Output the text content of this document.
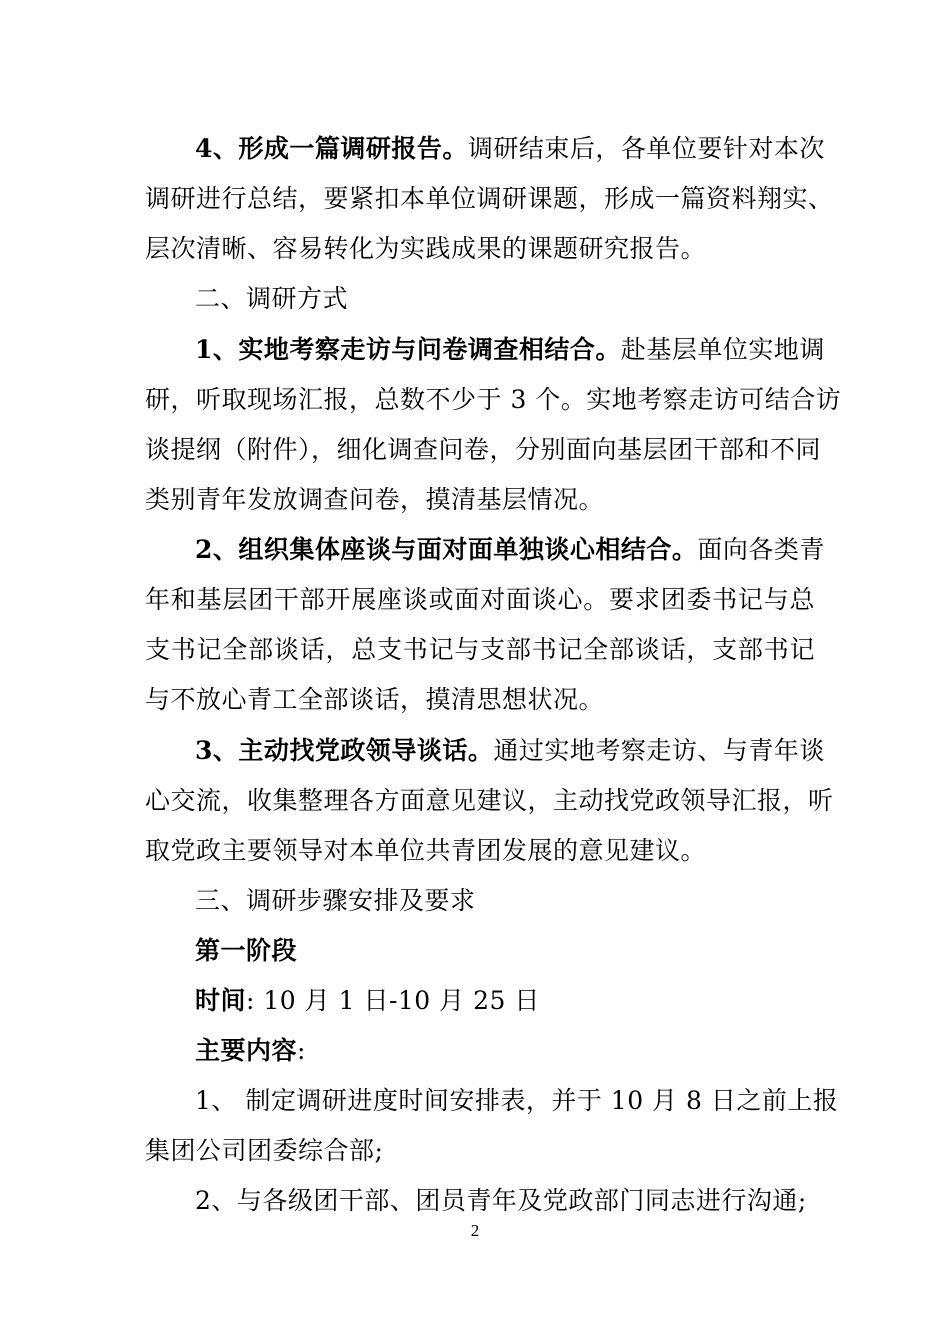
4、形成一篇调研报告。调研结束后，各单位要针对本次
调研进行总结，要紧扣本单位调研课题，形成一篇资料翔实、
层次清晰、容易转化为实践成果的课题研究报告。
二、调研方式
1、实地考察走访与问卷调查相结合。赴基层单位实地调
研，听取现场汇报，总数不少于 3 个。实地考察走访可结合访
谈提纲（附件），细化调查问卷，分别面向基层团干部和不同
类别青年发放调查问卷，摸清基层情况。
2、组织集体座谈与面对面单独谈心相结合。面向各类青
年和基层团干部开展座谈或面对面谈心。要求团委书记与总
支书记全部谈话，总支书记与支部书记全部谈话，支部书记
与不放心青工全部谈话，摸清思想状况。
3、主动找党政领导谈话。通过实地考察走访、与青年谈
心交流，收集整理各方面意见建议，主动找党政领导汇报，听
取党政主要领导对本单位共青团发展的意见建议。
三、调研步骤安排及要求
第一阶段
时间: 10 月 1 日-10 月 25 日
主要内容:
1、 制定调研进度时间安排表，并于 10 月 8 日之前上报
集团公司团委综合部;
2、与各级团干部、团员青年及党政部门同志进行沟通;
2
